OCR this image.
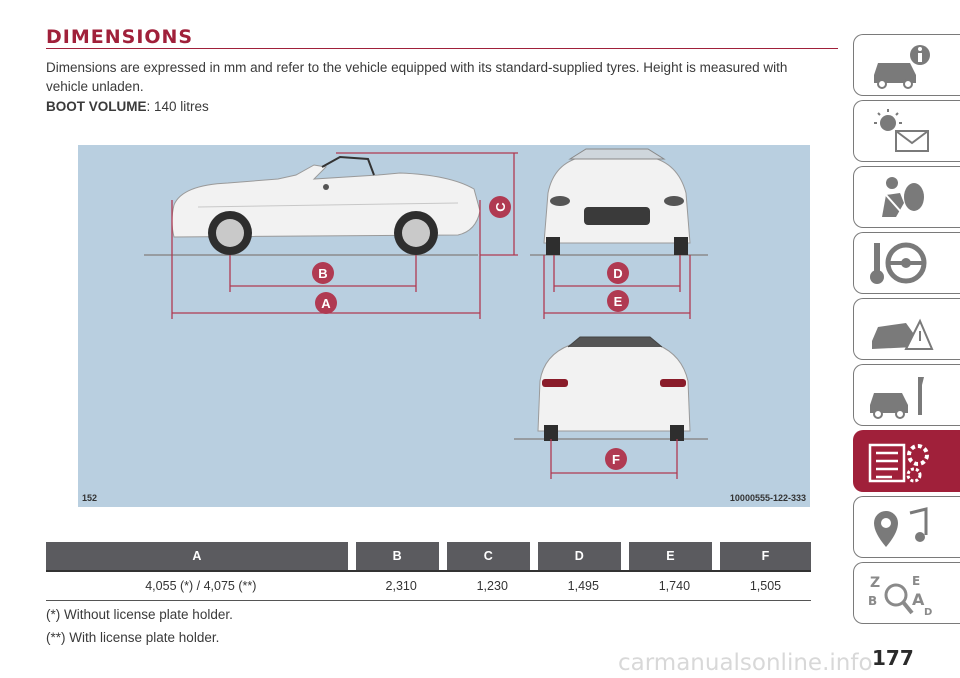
DIMENSIONS

Dimensions are expressed in mm and refer to the vehicle equipped with its standard-supplied tyres. Height is measured with vehicle unladen.

BOOT VOLUME: 140 litres
A
B
C
D
E
F
152	10000555-122-333
A	B	C	D	E	F
4,055 (*) / 4,075 (**)	2,310	1,230	1,495	1,740	1,505
(*) Without license plate holder.
(**) With license plate holder.
carmanualsonline.info 177
Z	E
B A
D
